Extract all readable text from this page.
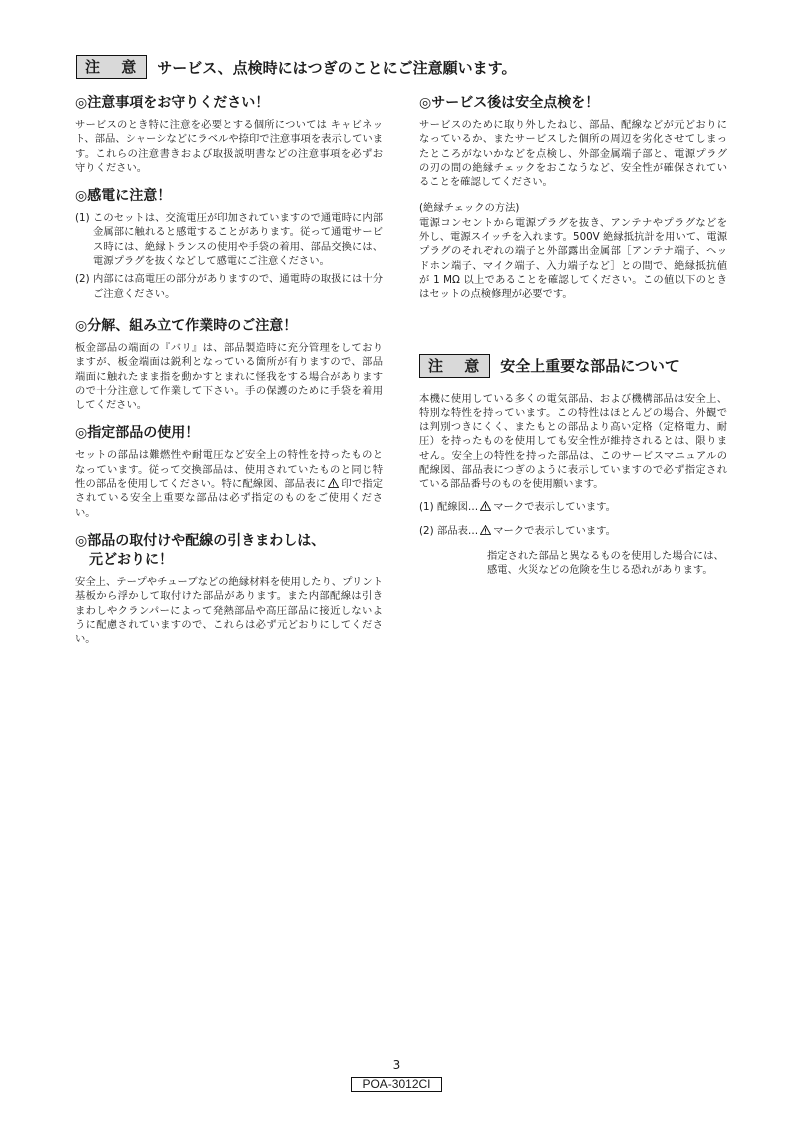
注 意 サービス、点検時にはつぎのことにご注意願います。
◎注意事項をお守りください！

サービスのとき特に注意を必要とする個所については キャビネット、部品、シャーシなどにラベルや捺印で注意事項を表示しています。これらの注意書きおよび取扱説明書などの注意事項を必ずお守りください。

◎感電に注意！
(1) このセットは、交流電圧が印加されていますので通電時に内部金属部に触れると感電することがあります。従って通電サービス時には、絶縁トランスの使用や手袋の着用、部品交換には、電源プラグを抜くなどして感電にご注意ください。
(2) 内部には高電圧の部分がありますので、通電時の取扱には十分ご注意ください。
◎分解、組み立て作業時のご注意！

板金部品の端面の『バリ』は、部品製造時に充分管理をしておりますが、板金端面は鋭利となっている箇所が有りますので、部品端面に触れたまま指を動かすとまれに怪我をする場合がありますので十分注意して作業して下さい。手の保護のために手袋を着用してください。

◎指定部品の使用！

セットの部品は難燃性や耐電圧など安全上の特性を持ったものとなっています。従って交換部品は、使用されていたものと同じ特性の部品を使用してください。特に配線図、部品表に 印で指定されている安全上重要な部品は必ず指定のものをご使用ください。

◎部品の取付けや配線の引きまわしは、
元どおりに！

安全上、テープやチューブなどの絶縁材料を使用したり、プリント基板から浮かして取付けた部品があります。また内部配線は引きまわしやクランパーによって発熱部品や高圧部品に接近しないように配慮されていますので、これらは必ず元どおりにしてください。

◎サービス後は安全点検を！

サービスのために取り外したねじ、部品、配線などが元どおりになっているか、またサービスした個所の周辺を劣化させてしまったところがないかなどを点検し、外部金属端子部と、電源プラグの刃の間の絶縁チェックをおこなうなど、安全性が確保されていることを確認してください。

(絶縁チェックの方法)

電源コンセントから電源プラグを抜き、アンテナやプラグなどを外し、電源スイッチを入れます。500V 絶縁抵抗計を用いて、電源プラグのそれぞれの端子と外部露出金属部［アンテナ端子、ヘッドホン端子、マイク端子、入力端子など］との間で、絶縁抵抗値が 1 MΩ 以上であることを確認してください。この値以下のときはセットの点検修理が必要です。

注 意 安全上重要な部品について

本機に使用している多くの電気部品、および機構部品は安全上、特別な特性を持っています。この特性はほとんどの場合、外観では判別つきにくく、またもとの部品より高い定格（定格電力、耐圧）を持ったものを使用しても安全性が維持されるとは、限りません。安全上の特性を持った部品は、このサービスマニュアルの配線図、部品表につぎのように表示していますので必ず指定されている部品番号のものを使用願います。

(1) 配線図… マークで表示しています。
(2) 部品表… マークで表示しています。

指定された部品と異なるものを使用した場合には、感電、火災などの危険を生じる恐れがあります。

3
POA-3012CI
